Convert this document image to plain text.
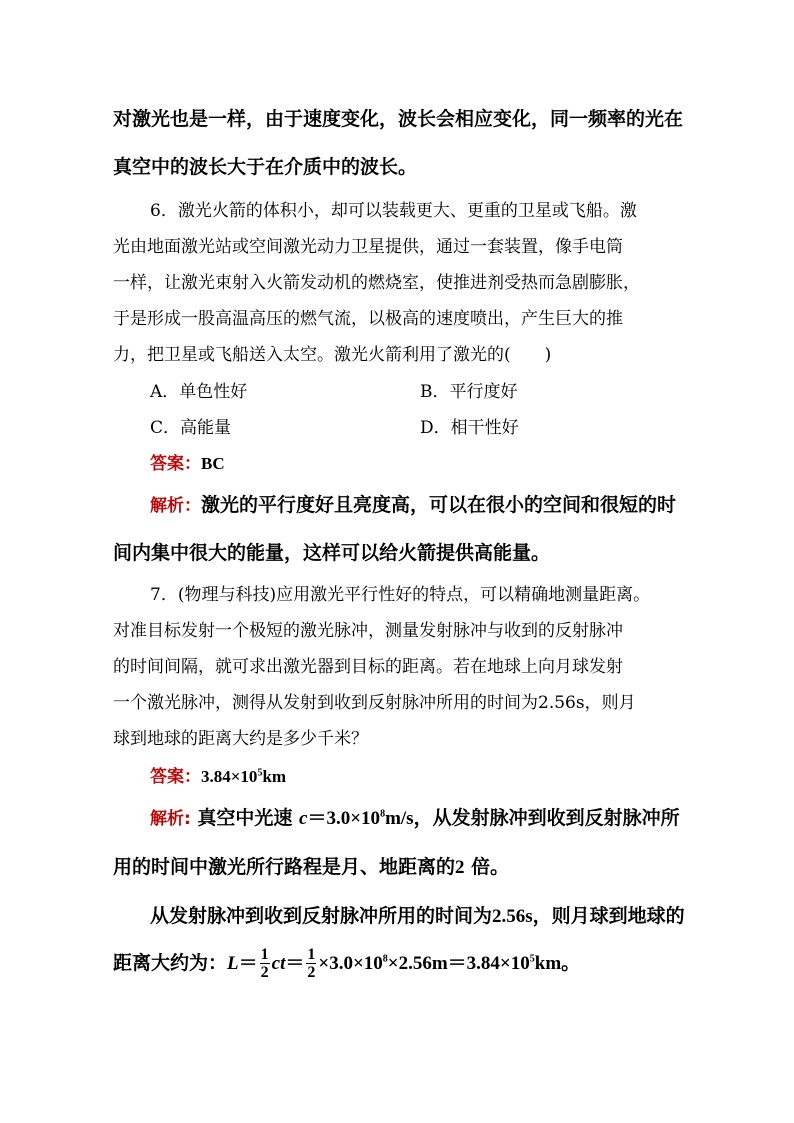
对激光也是一样，由于速度变化，波长会相应变化，同一频率的光在
真空中的波长大于在介质中的波长。
6．激光火箭的体积小，却可以装载更大、更重的卫星或飞船。激
光由地面激光站或空间激光动力卫星提供，通过一套装置，像手电筒
一样，让激光束射入火箭发动机的燃烧室，使推进剂受热而急剧膨胀，
于是形成一股高温高压的燃气流，以极高的速度喷出，产生巨大的推
力，把卫星或飞船送入太空。激光火箭利用了激光的(　　)
A．单色性好	B．平行度好
C．高能量	D．相干性好
答案：BC
解析：激光的平行度好且亮度高，可以在很小的空间和很短的时
间内集中很大的能量，这样可以给火箭提供高能量。
7．(物理与科技)应用激光平行性好的特点，可以精确地测量距离。
对准目标发射一个极短的激光脉冲，测量发射脉冲与收到的反射脉冲
的时间间隔，就可求出激光器到目标的距离。若在地球上向月球发射
一个激光脉冲，测得从发射到收到反射脉冲所用的时间为2.56s，则月
球到地球的距离大约是多少千米？
答案：$3.84\times 10^5km$
解析: 真空中光速 $c=3.0\times 10^8m/s$，从发射脉冲到收到反射脉冲所
用的时间中激光所行路程是月、地距离的2 倍。
从发射脉冲到收到反射脉冲所用的时间为2.56s，则月球到地球的
距离大约为：$L= \frac{1}{2} ct= \frac{1}{2} \times 3.0\times 10^8\times 2.56m=3.84\times 10^5km$。
